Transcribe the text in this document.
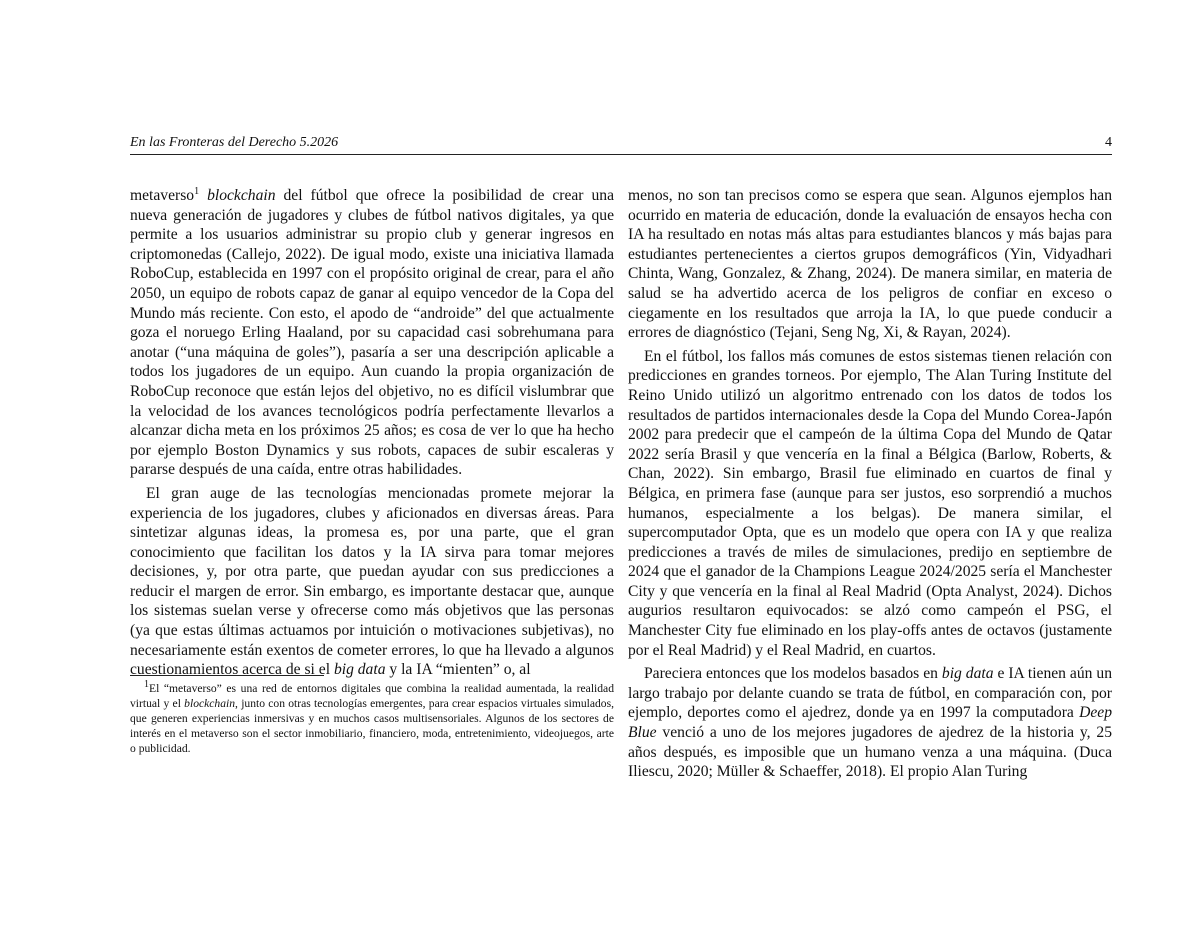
En las Fronteras del Derecho 5.2026	4

metaverso$^1$ blockchain del fútbol que ofrece la posibilidad de crear una nueva generación de jugadores y clubes de fútbol nativos digitales, ya que permite a los usuarios administrar su propio club y generar ingresos en criptomonedas (Callejo, 2022). De igual modo, existe una iniciativa llamada RoboCup, establecida en 1997 con el propósito original de crear, para el año 2050, un equipo de robots capaz de ganar al equipo vencedor de la Copa del Mundo más reciente. Con esto, el apodo de “androide” del que actualmente goza el noruego Erling Haaland, por su capacidad casi sobrehumana para anotar (“una máquina de goles”), pasaría a ser una descripción aplicable a todos los jugadores de un equipo. Aun cuando la propia organización de RoboCup reconoce que están lejos del objetivo, no es difícil vislumbrar que la velocidad de los avances tecnológicos podría perfectamente llevarlos a alcanzar dicha meta en los próximos 25 años; es cosa de ver lo que ha hecho por ejemplo Boston Dynamics y sus robots, capaces de subir escaleras y pararse después de una caída, entre otras habilidades.

El gran auge de las tecnologías mencionadas promete mejorar la experiencia de los jugadores, clubes y aficionados en diversas áreas. Para sintetizar algunas ideas, la promesa es, por una parte, que el gran conocimiento que facilitan los datos y la IA sirva para tomar mejores decisiones, y, por otra parte, que puedan ayudar con sus predicciones a reducir el margen de error. Sin embargo, es importante destacar que, aunque los sistemas suelan verse y ofrecerse como más objetivos que las personas (ya que estas últimas actuamos por intuición o motivaciones subjetivas), no necesariamente están exentos de cometer errores, lo que ha llevado a algunos cuestionamientos acerca de si el big data y la IA “mienten” o, al

$^1$El “metaverso” es una red de entornos digitales que combina la realidad aumentada, la realidad virtual y el blockchain, junto con otras tecnologías emergentes, para crear espacios virtuales simulados, que generen experiencias inmersivas y en muchos casos multisensoriales. Algunos de los sectores de interés en el metaverso son el sector inmobiliario, financiero, moda, entretenimiento, videojuegos, arte o publicidad.

menos, no son tan precisos como se espera que sean. Algunos ejemplos han ocurrido en materia de educación, donde la evaluación de ensayos hecha con IA ha resultado en notas más altas para estudiantes blancos y más bajas para estudiantes pertenecientes a ciertos grupos demográficos (Yin, Vidyadhari Chinta, Wang, Gonzalez, & Zhang, 2024). De manera similar, en materia de salud se ha advertido acerca de los peligros de confiar en exceso o ciegamente en los resultados que arroja la IA, lo que puede conducir a errores de diagnóstico (Tejani, Seng Ng, Xi, & Rayan, 2024).

En el fútbol, los fallos más comunes de estos sistemas tienen relación con predicciones en grandes torneos. Por ejemplo, The Alan Turing Institute del Reino Unido utilizó un algoritmo entrenado con los datos de todos los resultados de partidos internacionales desde la Copa del Mundo Corea-Japón 2002 para predecir que el campeón de la última Copa del Mundo de Qatar 2022 sería Brasil y que vencería en la final a Bélgica (Barlow, Roberts, & Chan, 2022). Sin embargo, Brasil fue eliminado en cuartos de final y Bélgica, en primera fase (aunque para ser justos, eso sorprendió a muchos humanos, especialmente a los belgas). De manera similar, el supercomputador Opta, que es un modelo que opera con IA y que realiza predicciones a través de miles de simulaciones, predijo en septiembre de 2024 que el ganador de la Champions League 2024/2025 sería el Manchester City y que vencería en la final al Real Madrid (Opta Analyst, 2024). Dichos augurios resultaron equivocados: se alzó como campeón el PSG, el Manchester City fue eliminado en los play-offs antes de octavos (justamente por el Real Madrid) y el Real Madrid, en cuartos.

Pareciera entonces que los modelos basados en big data e IA tienen aún un largo trabajo por delante cuando se trata de fútbol, en comparación con, por ejemplo, deportes como el ajedrez, donde ya en 1997 la computadora Deep Blue venció a uno de los mejores jugadores de ajedrez de la historia y, 25 años después, es imposible que un humano venza a una máquina. (Duca Iliescu, 2020; Müller & Schaeffer, 2018). El propio Alan Turing
